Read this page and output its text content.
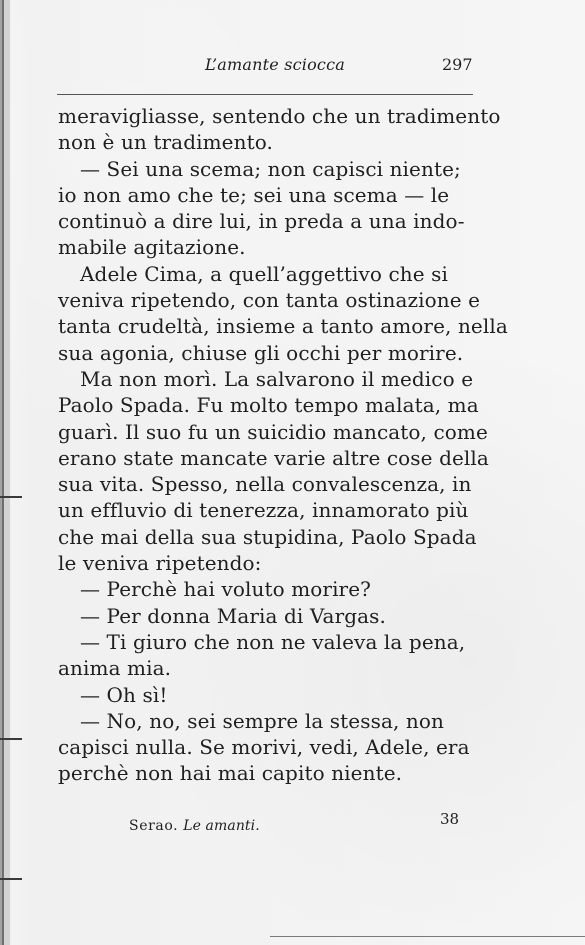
L’amante sciocca	297

meravigliasse, sentendo che un tradimento

non è un tradimento.

— Sei una scema; non capisci niente;

io non amo che te; sei una scema — le

continuò a dire lui, in preda a una indo-

mabile agitazione.

Adele Cima, a quell’aggettivo che si

veniva ripetendo, con tanta ostinazione e

tanta crudeltà, insieme a tanto amore, nella

sua agonia, chiuse gli occhi per morire.

Ma non morì. La salvarono il medico e

Paolo Spada. Fu molto tempo malata, ma

guarì. Il suo fu un suicidio mancato, come

erano state mancate varie altre cose della

sua vita. Spesso, nella convalescenza, in

un effluvio di tenerezza, innamorato più

che mai della sua stupidina, Paolo Spada

le veniva ripetendo:

— Perchè hai voluto morire?

— Per donna Maria di Vargas.

— Ti giuro che non ne valeva la pena,

anima mia.

— Oh sì!

— No, no, sei sempre la stessa, non

capisci nulla. Se morivi, vedi, Adele, era

perchè non hai mai capito niente.

Serao. Le amanti.	38
